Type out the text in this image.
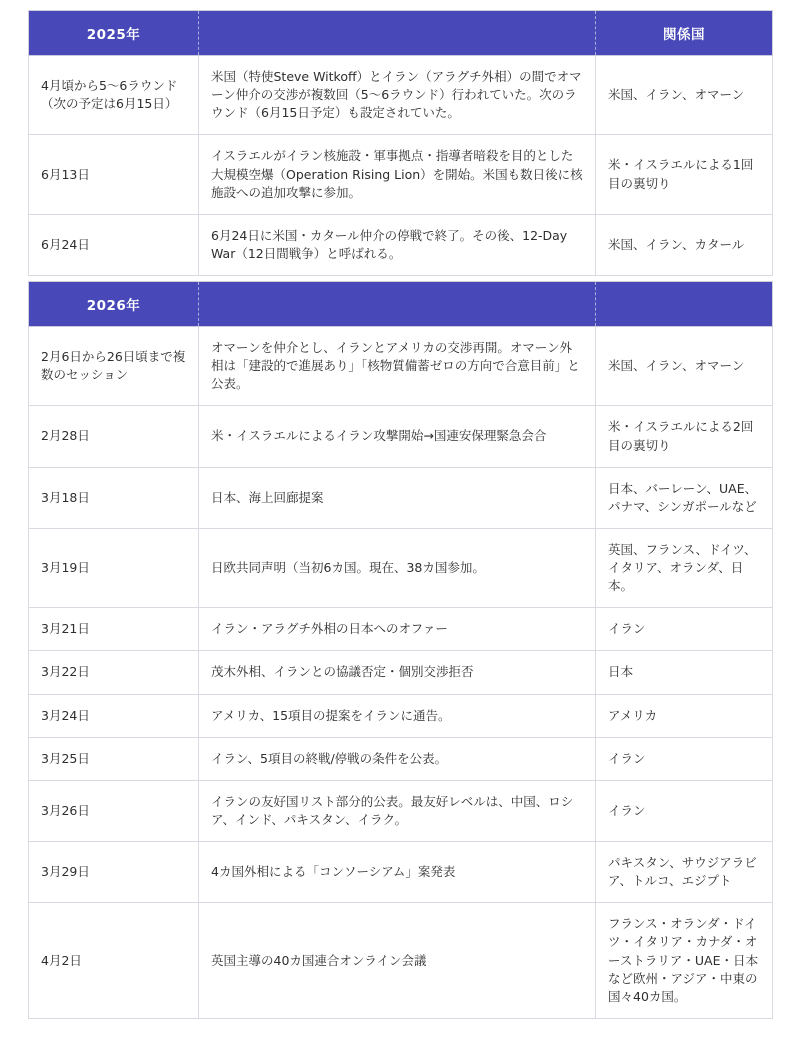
2025年		関係国
4月頃から5〜6ラウンド（次の予定は6月15日）	米国（特使Steve Witkoff）とイラン（アラグチ外相）の間でオマーン仲介の交渉が複数回（5〜6ラウンド）行われていた。次のラウンド（6月15日予定）も設定されていた。	米国、イラン、オマーン
6月13日	イスラエルがイラン核施設・軍事拠点・指導者暗殺を目的とした大規模空爆（Operation Rising Lion）を開始。米国も数日後に核施設への追加攻撃に参加。	米・イスラエルによる1回目の裏切り
6月24日	6月24日に米国・カタール仲介の停戦で終了。その後、12-Day War（12日間戦争）と呼ばれる。	米国、イラン、カタール
2026年		
2月6日から26日頃まで複数のセッション	オマーンを仲介とし、イランとアメリカの交渉再開。オマーン外相は「建設的で進展あり」「核物質備蓄ゼロの方向で合意目前」と公表。	米国、イラン、オマーン
2月28日	米・イスラエルによるイラン攻撃開始→国連安保理緊急会合	米・イスラエルによる2回目の裏切り
3月18日	日本、海上回廊提案	日本、バーレーン、UAE、パナマ、シンガポールなど
3月19日	日欧共同声明（当初6カ国。現在、38カ国参加。	英国、フランス、ドイツ、イタリア、オランダ、日本。
3月21日	イラン・アラグチ外相の日本へのオファー	イラン
3月22日	茂木外相、イランとの協議否定・個別交渉拒否	日本
3月24日	アメリカ、15項目の提案をイランに通告。	アメリカ
3月25日	イラン、5項目の終戦/停戦の条件を公表。	イラン
3月26日	イランの友好国リスト部分的公表。最友好レベルは、中国、ロシア、インド、パキスタン、イラク。	イラン
3月29日	4カ国外相による「コンソーシアム」案発表	パキスタン、サウジアラビア、トルコ、エジプト
4月2日	英国主導の40カ国連合オンライン会議	フランス・オランダ・ドイツ・イタリア・カナダ・オーストラリア・UAE・日本など欧州・アジア・中東の国々40カ国。
